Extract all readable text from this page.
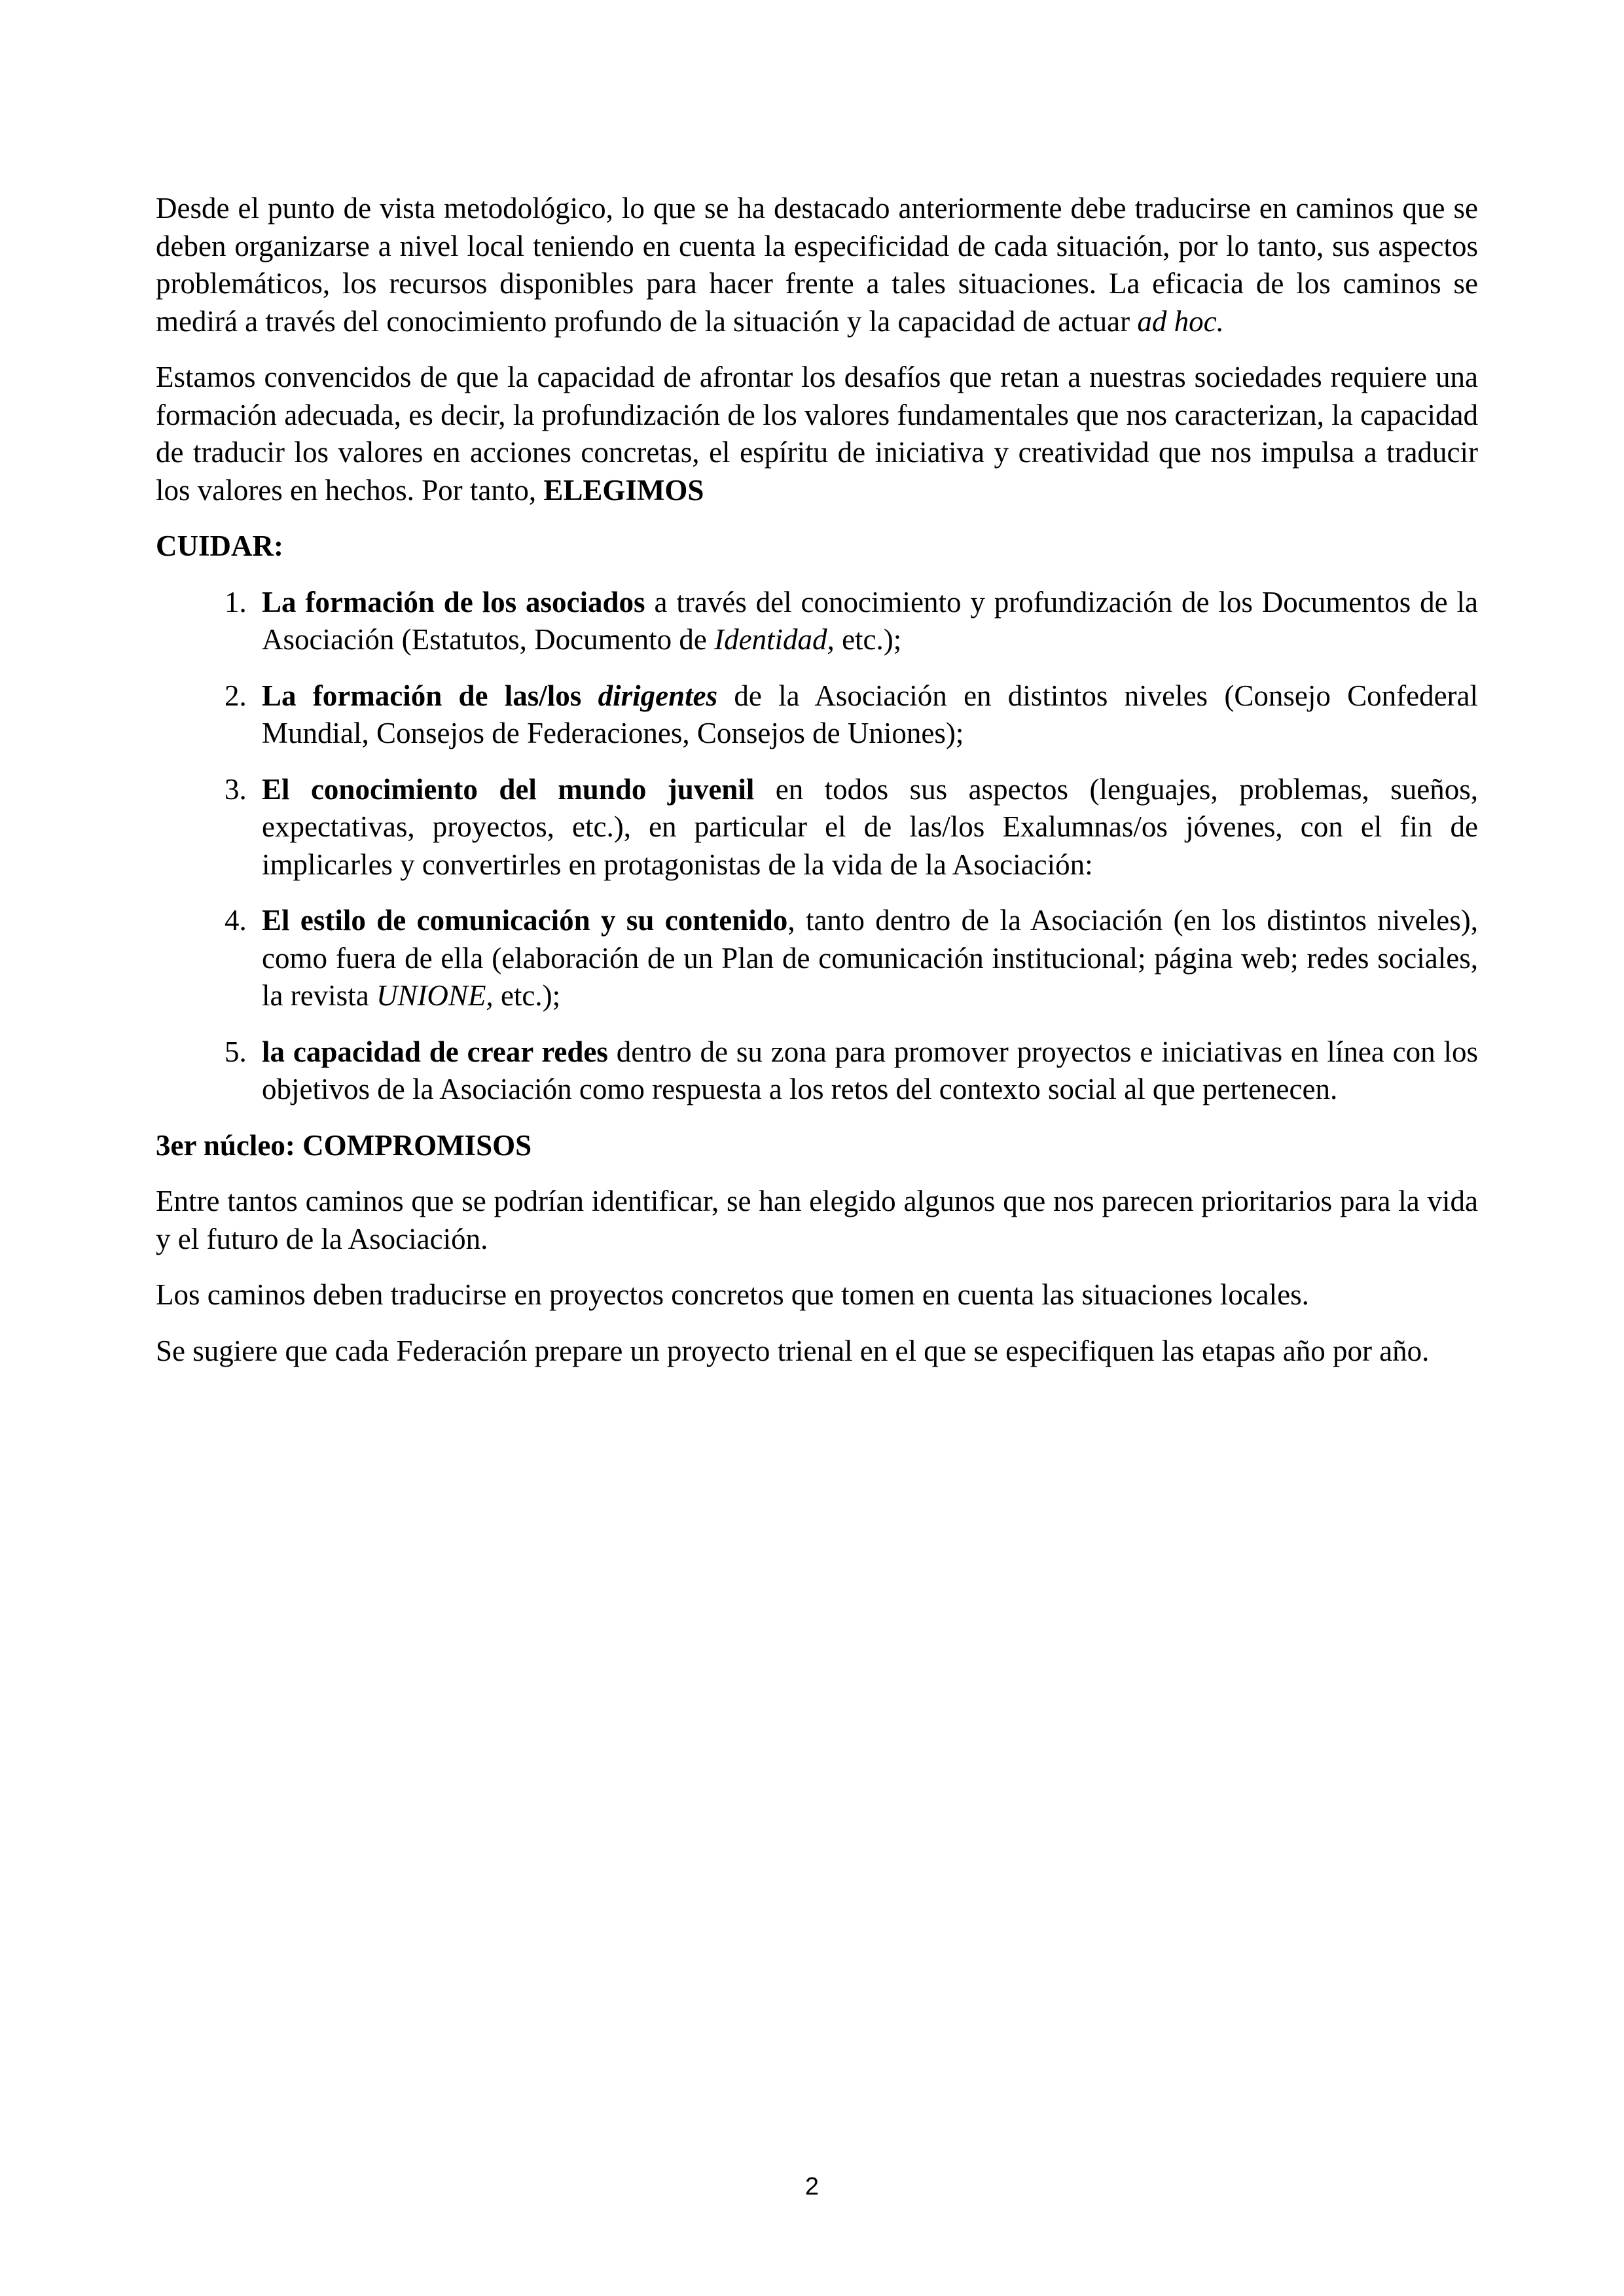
Desde el punto de vista metodológico, lo que se ha destacado anteriormente debe traducirse en caminos que se deben organizarse a nivel local teniendo en cuenta la especificidad de cada situación, por lo tanto, sus aspectos problemáticos, los recursos disponibles para hacer frente a tales situaciones. La eficacia de los caminos se medirá a través del conocimiento profundo de la situación y la capacidad de actuar ad hoc.

Estamos convencidos de que la capacidad de afrontar los desafíos que retan a nuestras sociedades requiere una formación adecuada, es decir, la profundización de los valores fundamentales que nos caracterizan, la capacidad de traducir los valores en acciones concretas, el espíritu de iniciativa y creatividad que nos impulsa a traducir los valores en hechos. Por tanto, ELEGIMOS

CUIDAR:
1. La formación de los asociados a través del conocimiento y profundización de los Documentos de la Asociación (Estatutos, Documento de Identidad, etc.);
2. La formación de las/los dirigentes de la Asociación en distintos niveles (Consejo Confederal Mundial, Consejos de Federaciones, Consejos de Uniones);
3. El conocimiento del mundo juvenil en todos sus aspectos (lenguajes, problemas, sueños, expectativas, proyectos, etc.), en particular el de las/los Exalumnas/os jóvenes, con el fin de implicarles y convertirles en protagonistas de la vida de la Asociación:
4. El estilo de comunicación y su contenido, tanto dentro de la Asociación (en los distintos niveles), como fuera de ella (elaboración de un Plan de comunicación institucional; página web; redes sociales, la revista UNIONE, etc.);
5. la capacidad de crear redes dentro de su zona para promover proyectos e iniciativas en línea con los objetivos de la Asociación como respuesta a los retos del contexto social al que pertenecen.
3er núcleo: COMPROMISOS

Entre tantos caminos que se podrían identificar, se han elegido algunos que nos parecen prioritarios para la vida y el futuro de la Asociación.

Los caminos deben traducirse en proyectos concretos que tomen en cuenta las situaciones locales.

Se sugiere que cada Federación prepare un proyecto trienal en el que se especifiquen las etapas año por año.

2
